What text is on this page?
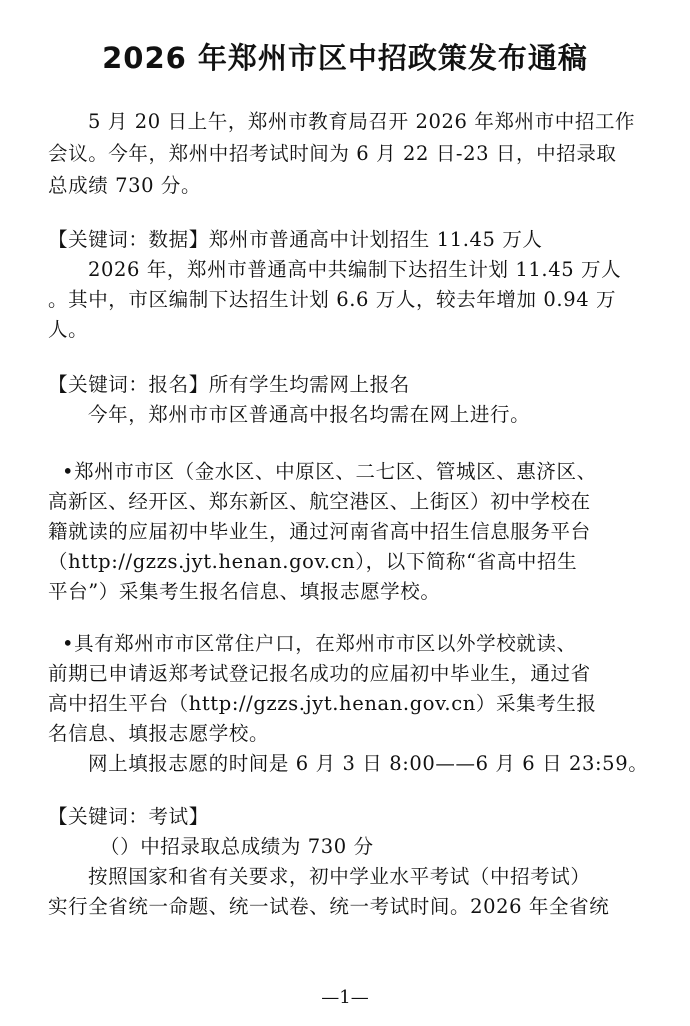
2026 年郑州市区中招政策发布通稿
5 月 20 日上午，郑州市教育局召开 2026 年郑州市中招工作
会议。今年，郑州中招考试时间为 6 月 22 日-23 日，中招录取
总成绩 730 分。
【关键词：数据】郑州市普通高中计划招生 11.45 万人
2026 年，郑州市普通高中共编制下达招生计划 11.45 万人
。其中，市区编制下达招生计划 6.6 万人，较去年增加 0.94 万
人。
【关键词：报名】所有学生均需网上报名
今年，郑州市市区普通高中报名均需在网上进行。
•郑州市市区（金水区、中原区、二七区、管城区、惠济区、
高新区、经开区、郑东新区、航空港区、上街区）初中学校在
籍就读的应届初中毕业生，通过河南省高中招生信息服务平台
（http://gzzs.jyt.henan.gov.cn），以下简称“省高中招生
平台”）采集考生报名信息、填报志愿学校。
•具有郑州市市区常住户口，在郑州市市区以外学校就读、
前期已申请返郑考试登记报名成功的应届初中毕业生，通过省
高中招生平台（http://gzzs.jyt.henan.gov.cn）采集考生报
名信息、填报志愿学校。
网上填报志愿的时间是 6 月 3 日 8:00——6 月 6 日 23:59。
【关键词：考试】
（）中招录取总成绩为 730 分
按照国家和省有关要求，初中学业水平考试（中招考试）
实行全省统一命题、统一试卷、统一考试时间。2026 年全省统
—1—
